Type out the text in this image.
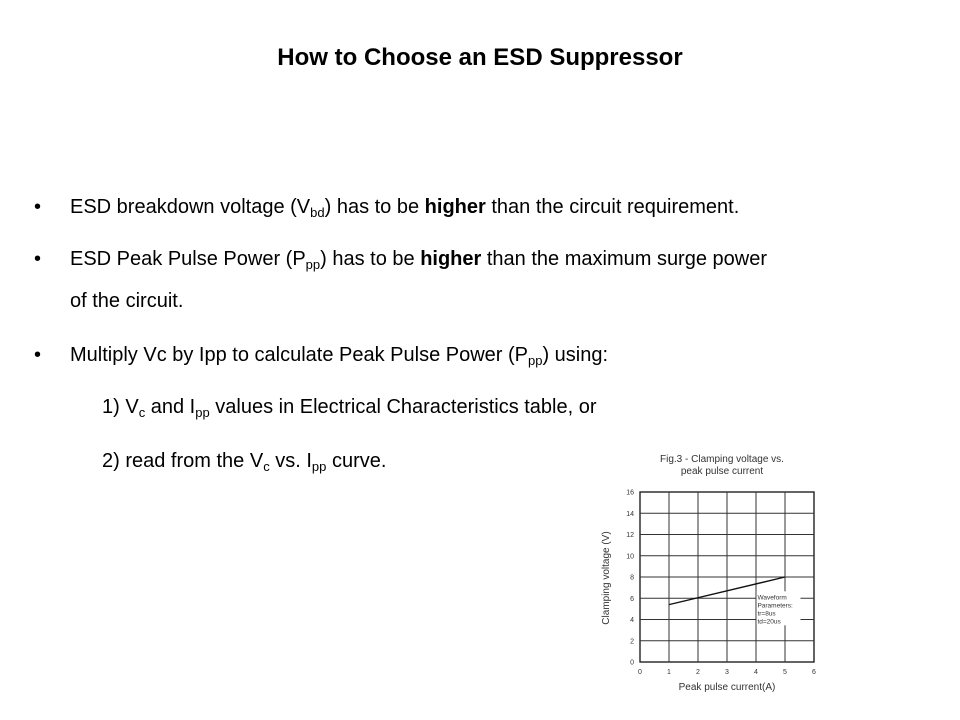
How to Choose an ESD Suppressor
• ESD breakdown voltage $(V_{bd})$ has to be higher than the circuit requirement.
• ESD Peak Pulse Power $(P_{pp})$ has to be higher than the maximum surge power
of the circuit.
• Multiply Vc by Ipp to calculate Peak Pulse Power $(P_{pp})$ using:
1) $V_c$ and $I_{pp}$ values in Electrical Characteristics table, or
2) read from the $V_c$ vs. $I_{pp}$ curve.	Fig.3 - Clamping voltage vs.
peak pulse current
0	1	2	3	4	5	6
0
2
4
6
8
10
12
14
16
Waveform
Parameters:
tr=8us
td=20us
Peak pulse current(A)
Clamping voltage (V)
